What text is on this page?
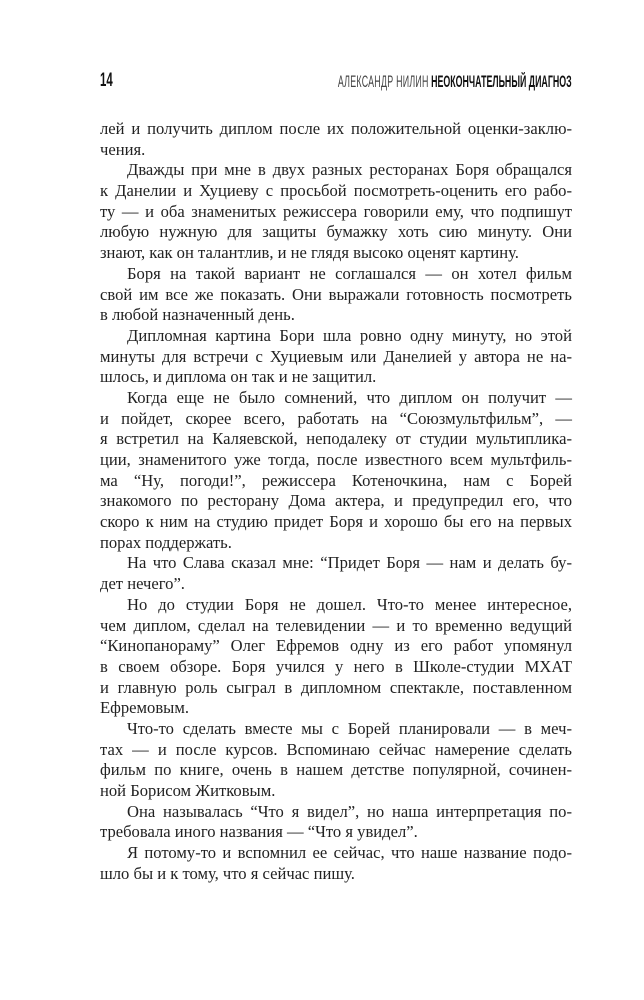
14	АЛЕКСАНДР НИЛИН НЕОКОНЧАТЕЛЬНЫЙ ДИАГНОЗ
лей и получить диплом после их положительной оценки-заклю-
чения.
Дважды при мне в двух разных ресторанах Боря обращался
к Данелии и Хуциеву с просьбой посмотреть-оценить его рабо-
ту — и оба знаменитых режиссера говорили ему, что подпишут
любую нужную для защиты бумажку хоть сию минуту. Они
знают, как он талантлив, и не глядя высоко оценят картину.
Боря на такой вариант не соглашался — он хотел фильм
свой им все же показать. Они выражали готовность посмотреть
в любой назначенный день.
Дипломная картина Бори шла ровно одну минуту, но этой
минуты для встречи с Хуциевым или Данелией у автора не на-
шлось, и диплома он так и не защитил.
Когда еще не было сомнений, что диплом он получит —
и пойдет, скорее всего, работать на “Союзмультфильм”, —
я встретил на Каляевской, неподалеку от студии мультиплика-
ции, знаменитого уже тогда, после известного всем мультфиль-
ма “Ну, погоди!”, режиссера Котеночкина, нам с Борей
знакомого по ресторану Дома актера, и предупредил его, что
скоро к ним на студию придет Боря и хорошо бы его на первых
порах поддержать.
На что Слава сказал мне: “Придет Боря — нам и делать бу-
дет нечего”.
Но до студии Боря не дошел. Что-то менее интересное,
чем диплом, сделал на телевидении — и то временно ведущий
“Кинопанораму” Олег Ефремов одну из его работ упомянул
в своем обзоре. Боря учился у него в Школе-студии МХАТ
и главную роль сыграл в дипломном спектакле, поставленном
Ефремовым.
Что-то сделать вместе мы с Борей планировали — в меч-
тах — и после курсов. Вспоминаю сейчас намерение сделать
фильм по книге, очень в нашем детстве популярной, сочинен-
ной Борисом Житковым.
Она называлась “Что я видел”, но наша интерпретация по-
требовала иного названия — “Что я увидел”.
Я потому-то и вспомнил ее сейчас, что наше название подо-
шло бы и к тому, что я сейчас пишу.
